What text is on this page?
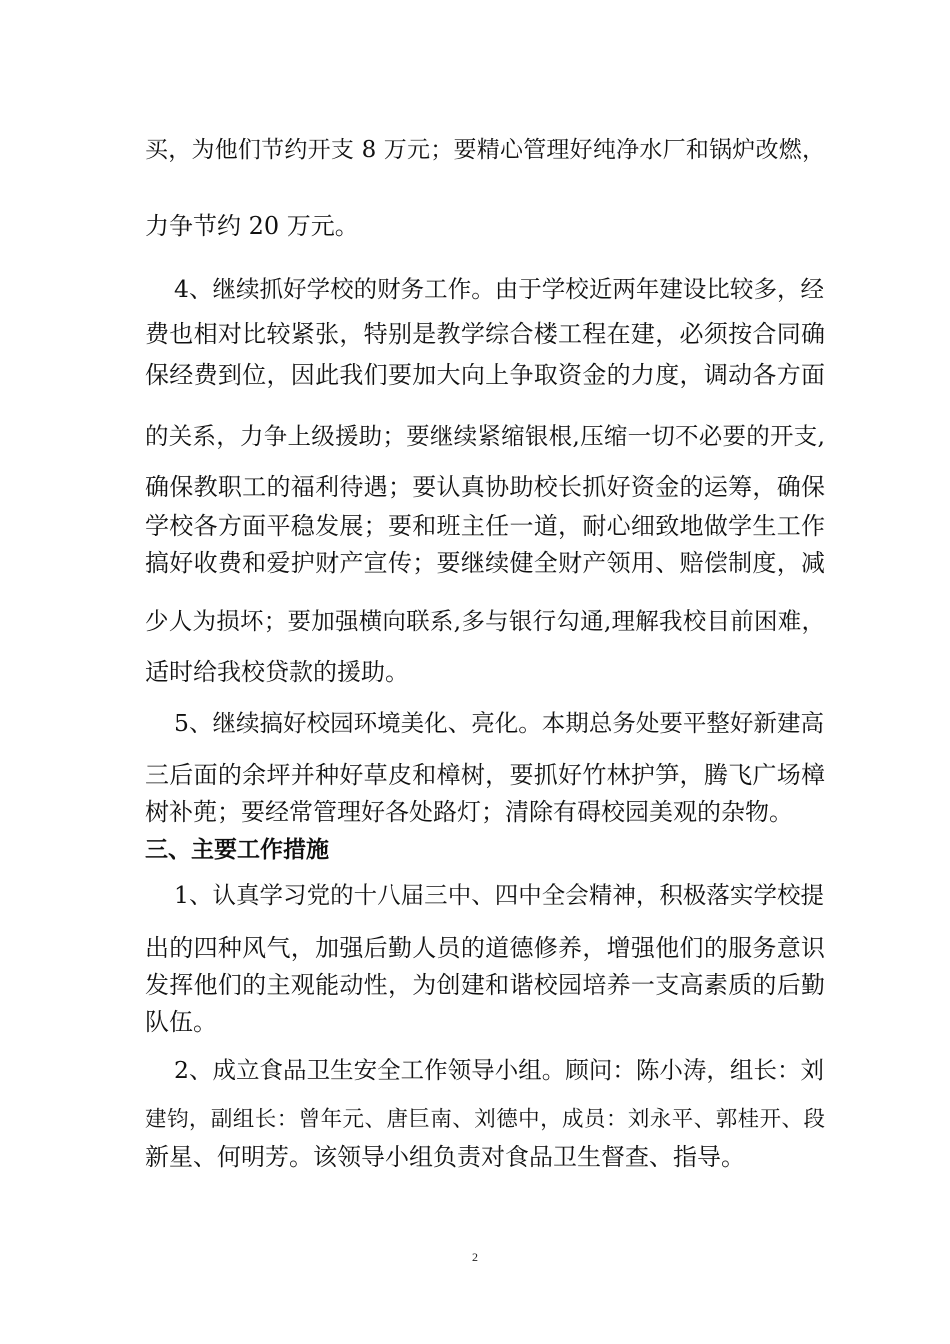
买，为他们节约开支 8 万元；要精心管理好纯净水厂和锅炉改燃，
力争节约 20 万元。
4、继续抓好学校的财务工作。由于学校近两年建设比较多，经
费也相对比较紧张，特别是教学综合楼工程在建，必须按合同确
保经费到位，因此我们要加大向上争取资金的力度，调动各方面
的关系，力争上级援助；要继续紧缩银根,压缩一切不必要的开支,
确保教职工的福利待遇；要认真协助校长抓好资金的运筹，确保
学校各方面平稳发展；要和班主任一道，耐心细致地做学生工作
搞好收费和爱护财产宣传；要继续健全财产领用、赔偿制度，减
少人为损坏；要加强横向联系,多与银行勾通,理解我校目前困难，
适时给我校贷款的援助。
5、继续搞好校园环境美化、亮化。本期总务处要平整好新建高
三后面的余坪并种好草皮和樟树，要抓好竹林护笋，腾飞广场樟
树补蔸；要经常管理好各处路灯；清除有碍校园美观的杂物。
三、主要工作措施
1、认真学习党的十八届三中、四中全会精神，积极落实学校提
出的四种风气，加强后勤人员的道德修养，增强他们的服务意识
发挥他们的主观能动性，为创建和谐校园培养一支高素质的后勤
队伍。
2、成立食品卫生安全工作领导小组。顾问：陈小涛，组长：刘
建钧，副组长：曾年元、唐巨南、刘德中，成员：刘永平、郭桂开、段
新星、何明芳。该领导小组负责对食品卫生督查、指导。
2
